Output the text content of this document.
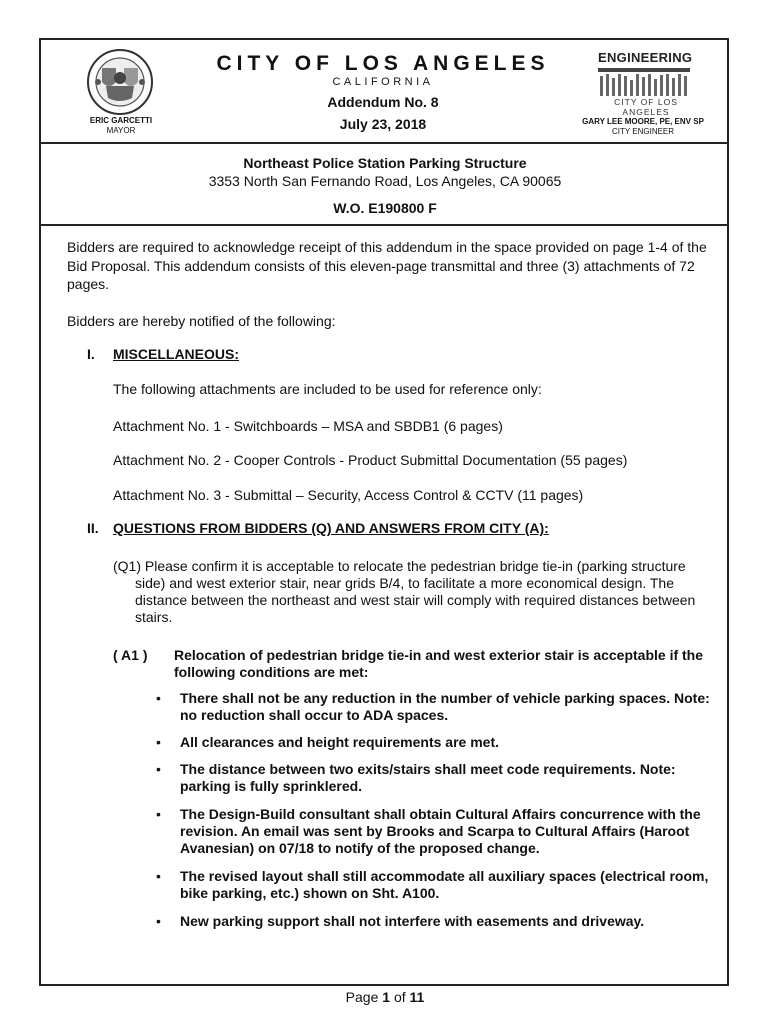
ERIC GARCETTI
MAYOR
CITY OF LOS ANGELES
CALIFORNIA
Addendum No. 8
July 23, 2018
ENGINEERING
CITY OF LOS ANGELES
GARY LEE MOORE, PE, ENV SP
CITY ENGINEER
Northeast Police Station Parking Structure
3353 North San Fernando Road, Los Angeles, CA 90065
W.O. E190800 F
Bidders are required to acknowledge receipt of this addendum in the space provided on page 1-4 of the Bid Proposal. This addendum consists of this eleven-page transmittal and three (3) attachments of 72 pages.
Bidders are hereby notified of the following:
I. MISCELLANEOUS:
The following attachments are included to be used for reference only:
Attachment No. 1 - Switchboards – MSA and SBDB1 (6 pages)
Attachment No. 2 - Cooper Controls - Product Submittal Documentation (55 pages)
Attachment No. 3 - Submittal – Security, Access Control & CCTV (11 pages)
II. QUESTIONS FROM BIDDERS (Q) AND ANSWERS FROM CITY (A):
(Q1) Please confirm it is acceptable to relocate the pedestrian bridge tie-in (parking structure side) and west exterior stair, near grids B/4, to facilitate a more economical design. The distance between the northeast and west stair will comply with required distances between stairs.
( A1 ) Relocation of pedestrian bridge tie-in and west exterior stair is acceptable if the following conditions are met:
• There shall not be any reduction in the number of vehicle parking spaces. Note: no reduction shall occur to ADA spaces.
• All clearances and height requirements are met.
• The distance between two exits/stairs shall meet code requirements. Note: parking is fully sprinklered.
• The Design-Build consultant shall obtain Cultural Affairs concurrence with the revision. An email was sent by Brooks and Scarpa to Cultural Affairs (Haroot Avanesian) on 07/18 to notify of the proposed change.
• The revised layout shall still accommodate all auxiliary spaces (electrical room, bike parking, etc.) shown on Sht. A100.
• New parking support shall not interfere with easements and driveway.
Page 1 of 11
